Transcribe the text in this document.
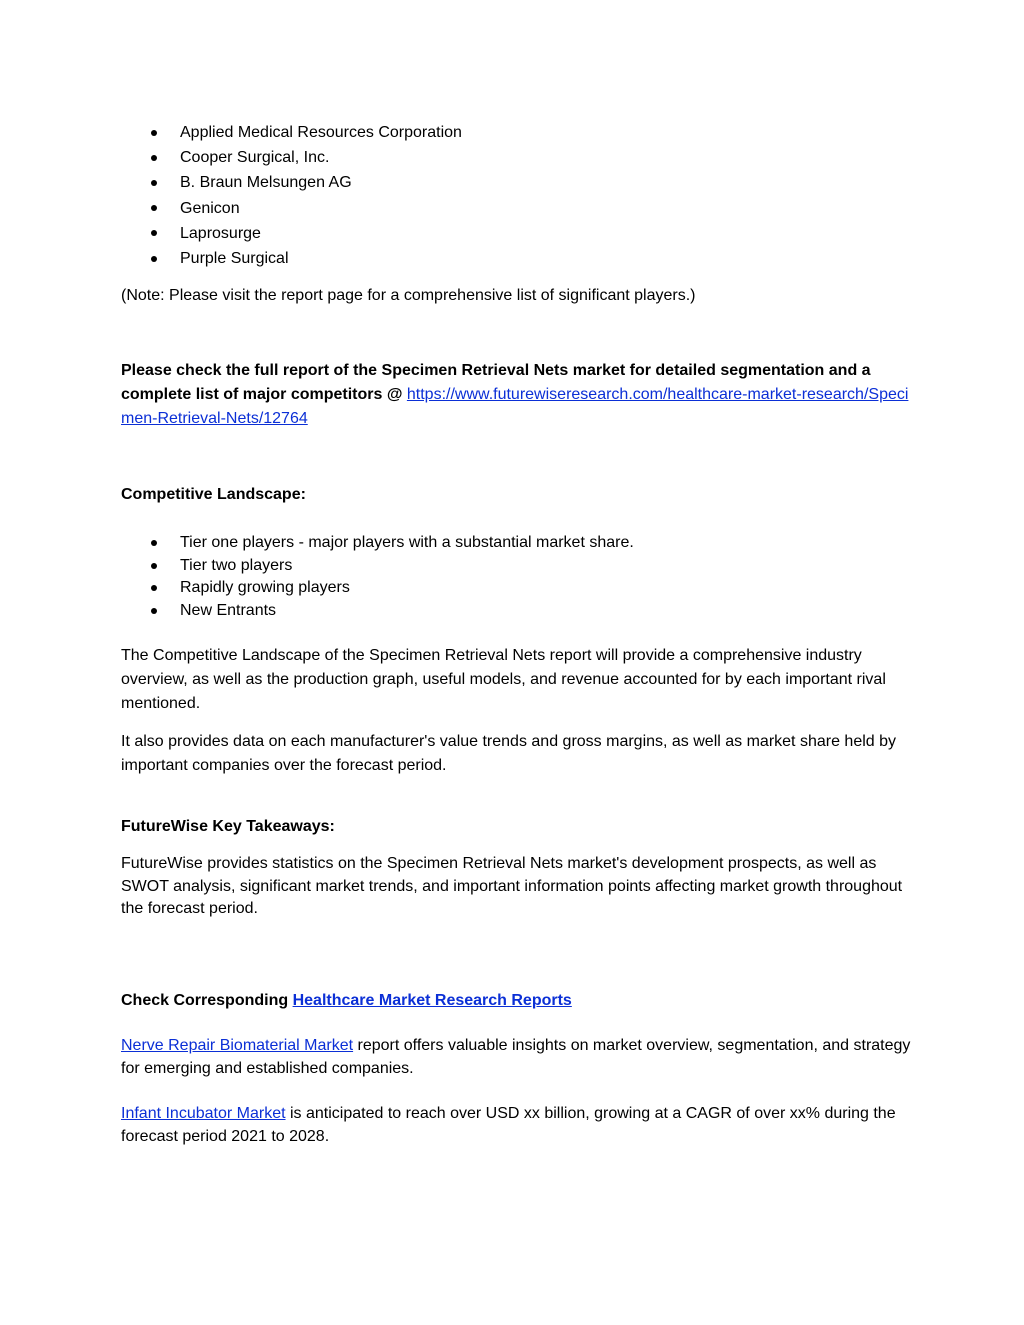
Applied Medical Resources Corporation
Cooper Surgical, Inc.
B. Braun Melsungen AG
Genicon
Laprosurge
Purple Surgical

(Note: Please visit the report page for a comprehensive list of significant players.)

Please check the full report of the Specimen Retrieval Nets market for detailed segmentation and a complete list of major competitors @ https://www.futurewiseresearch.com/healthcare-market-research/Specimen-Retrieval-Nets/12764

Competitive Landscape:

Tier one players - major players with a substantial market share.
Tier two players
Rapidly growing players
New Entrants

The Competitive Landscape of the Specimen Retrieval Nets report will provide a comprehensive industry overview, as well as the production graph, useful models, and revenue accounted for by each important rival mentioned.

It also provides data on each manufacturer's value trends and gross margins, as well as market share held by important companies over the forecast period.

FutureWise Key Takeaways:

FutureWise provides statistics on the Specimen Retrieval Nets market's development prospects, as well as SWOT analysis, significant market trends, and important information points affecting market growth throughout the forecast period.

Check Corresponding Healthcare Market Research Reports

Nerve Repair Biomaterial Market report offers valuable insights on market overview, segmentation, and strategy for emerging and established companies.

Infant Incubator Market is anticipated to reach over USD xx billion, growing at a CAGR of over xx% during the forecast period 2021 to 2028.
